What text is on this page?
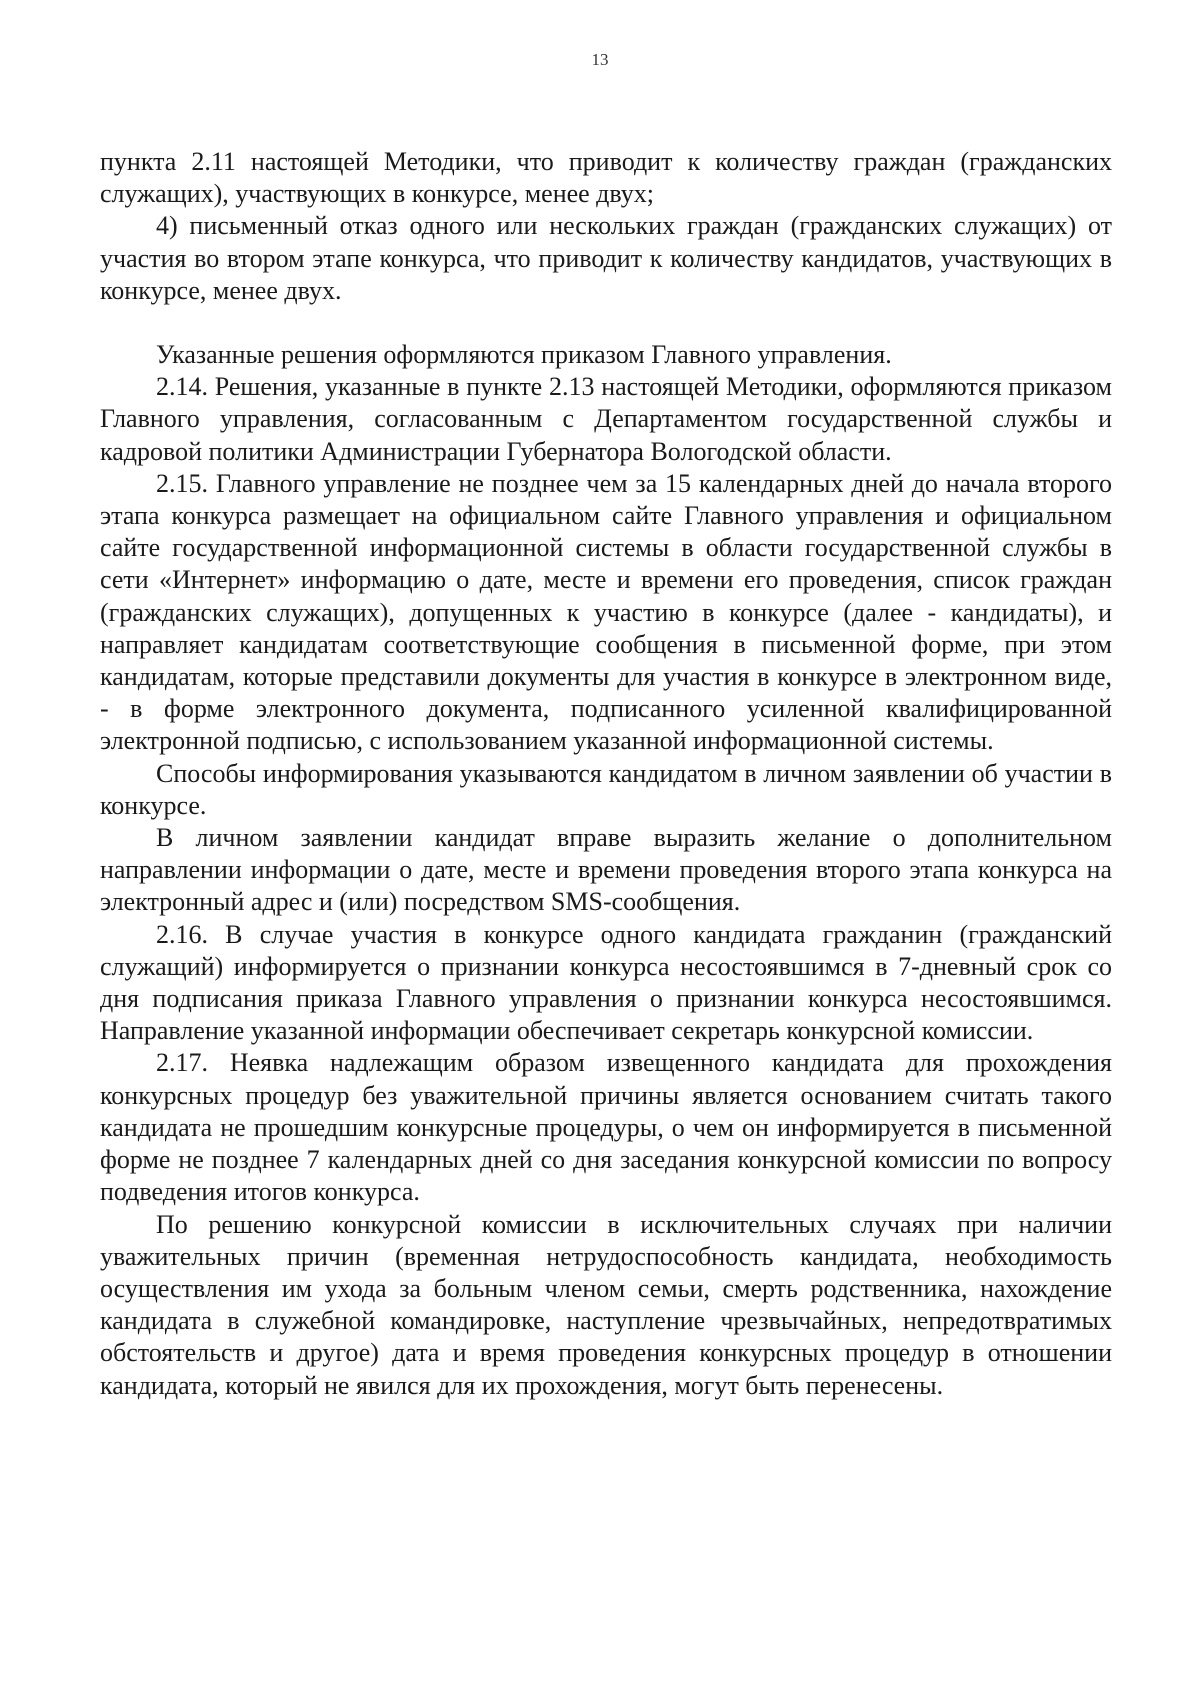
13

пункта 2.11 настоящей Методики, что приводит к количеству граждан (гражданских служащих), участвующих в конкурсе, менее двух;

4) письменный отказ одного или нескольких граждан (гражданских служащих) от участия во втором этапе конкурса, что приводит к количеству кандидатов, участвующих в конкурсе, менее двух.

Указанные решения оформляются приказом Главного управления.

2.14. Решения, указанные в пункте 2.13 настоящей Методики, оформляются приказом Главного управления, согласованным с Департаментом государственной службы и кадровой политики Администрации Губернатора Вологодской области.

2.15. Главного управление не позднее чем за 15 календарных дней до начала второго этапа конкурса размещает на официальном сайте Главного управления и официальном сайте государственной информационной системы в области государственной службы в сети «Интернет» информацию о дате, месте и времени его проведения, список граждан (гражданских служащих), допущенных к участию в конкурсе (далее - кандидаты), и направляет кандидатам соответствующие сообщения в письменной форме, при этом кандидатам, которые представили документы для участия в конкурсе в электронном виде, - в форме электронного документа, подписанного усиленной квалифицированной электронной подписью, с использованием указанной информационной системы.

Способы информирования указываются кандидатом в личном заявлении об участии в конкурсе.

В личном заявлении кандидат вправе выразить желание о дополнительном направлении информации о дате, месте и времени проведения второго этапа конкурса на электронный адрес и (или) посредством SMS-сообщения.

2.16. В случае участия в конкурсе одного кандидата гражданин (гражданский служащий) информируется о признании конкурса несостоявшимся в 7-дневный срок со дня подписания приказа Главного управления о признании конкурса несостоявшимся. Направление указанной информации обеспечивает секретарь конкурсной комиссии.

2.17. Неявка надлежащим образом извещенного кандидата для прохождения конкурсных процедур без уважительной причины является основанием считать такого кандидата не прошедшим конкурсные процедуры, о чем он информируется в письменной форме не позднее 7 календарных дней со дня заседания конкурсной комиссии по вопросу подведения итогов конкурса.

По решению конкурсной комиссии в исключительных случаях при наличии уважительных причин (временная нетрудоспособность кандидата, необходимость осуществления им ухода за больным членом семьи, смерть родственника, нахождение кандидата в служебной командировке, наступление чрезвычайных, непредотвратимых обстоятельств и другое) дата и время проведения конкурсных процедур в отношении кандидата, который не явился для их прохождения, могут быть перенесены.
